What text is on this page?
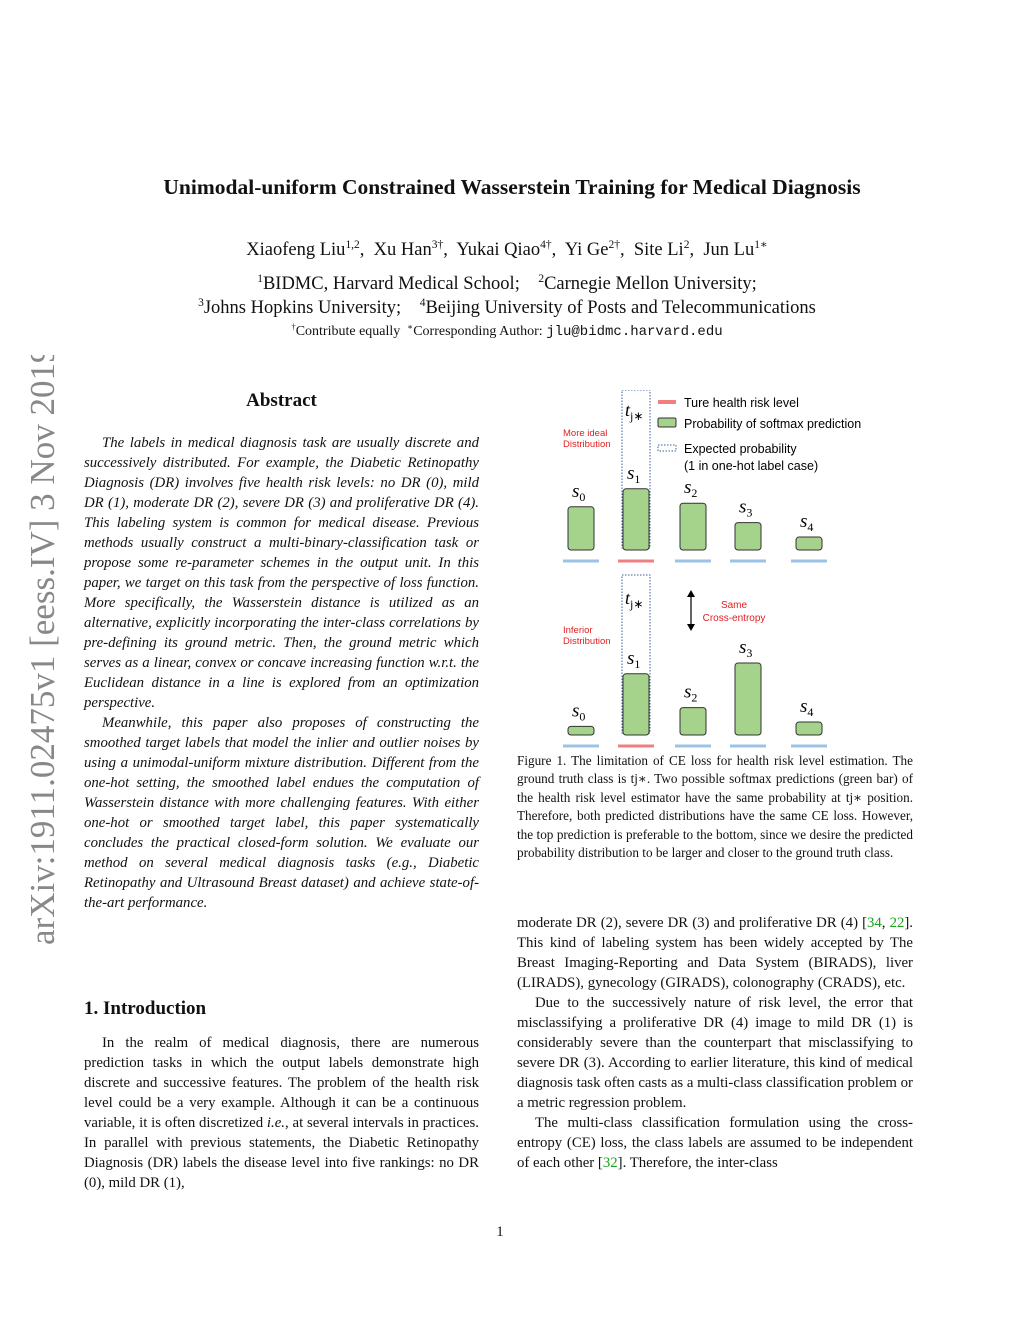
arXiv:1911.02475v1 [eess.IV] 3 Nov 2019
Unimodal-uniform Constrained Wasserstein Training for Medical Diagnosis
Xiaofeng Liu$^{1,2}$,  Xu Han$^{3\dagger}$,  Yukai Qiao$^{4\dagger}$,  Yi $Ge^{2\dagger}$,  Site Li$^2$,  Jun $Lu^{1∗}$
$^1$BIDMC, Harvard Medical School; $^2$Carnegie Mellon University;
$^3$Johns Hopkins University; $^4$Beijing University of Posts and Telecommunications
†Contribute equally ∗Corresponding Author: jlu@bidmc.harvard.edu
Abstract

The labels in medical diagnosis task are usually discrete and successively distributed. For example, the Diabetic Retinopathy Diagnosis (DR) involves five health risk levels: no DR (0), mild DR (1), moderate DR (2), severe DR (3) and proliferative DR (4). This labeling system is common for medical disease. Previous methods usually construct a multi-binary-classification task or propose some re-parameter schemes in the output unit. In this paper, we target on this task from the perspective of loss function. More specifically, the Wasserstein distance is utilized as an alternative, explicitly incorporating the inter-class correlations by pre-defining its ground metric. Then, the ground metric which serves as a linear, convex or concave increasing function w.r.t. the Euclidean distance in a line is explored from an optimization perspective.

Meanwhile, this paper also proposes of constructing the smoothed target labels that model the inlier and outlier noises by using a unimodal-uniform mixture distribution. Different from the one-hot setting, the smoothed label endues the computation of Wasserstein distance with more challenging features. With either one-hot or smoothed target label, this paper systematically concludes the practical closed-form solution. We evaluate our method on several medical diagnosis tasks (e.g., Diabetic Retinopathy and Ultrasound Breast dataset) and achieve state-of-the-art performance.

1. Introduction

In the realm of medical diagnosis, there are numerous prediction tasks in which the output labels demonstrate high discrete and successive features. The problem of the health risk level could be a very example. Although it can be a continuous variable, it is often discretized i.e., at several intervals in practices. In parallel with previous statements, the Diabetic Retinopathy Diagnosis (DR) labels the disease level into five rankings: no DR (0), mild DR (1),

Ture health risk level
Probability of softmax prediction
Expected probability
(1 in one-hot label case)
More ideal
Distribution
Inferior
Distribution
Same
Cross-entropy
$t_{j∗}$
$t_{j∗}$
$s_0$
$s_1$ $s_2$
$s_3$	$s_4$
$s_0$
$s_1$
$s_2$
$s_3$
$s_4$
Figure 1. The limitation of CE loss for health risk level estimation. The ground truth class is tj∗. Two possible softmax predictions (green bar) of the health risk level estimator have the same probability at tj∗ position. Therefore, both predicted distributions have the same CE loss. However, the top prediction is preferable to the bottom, since we desire the predicted probability distribution to be larger and closer to the ground truth class.

moderate DR (2), severe DR (3) and proliferative DR (4) [34, 22]. This kind of labeling system has been widely accepted by The Breast Imaging-Reporting and Data System (BIRADS), liver (LIRADS), gynecology (GIRADS), colonography (CRADS), etc.

Due to the successively nature of risk level, the error that misclassifying a proliferative DR (4) image to mild DR (1) is considerably severe than the counterpart that misclassifying to severe DR (3). According to earlier literature, this kind of medical diagnosis task often casts as a multi-class classification problem or a metric regression problem.

The multi-class classification formulation using the cross-entropy (CE) loss, the class labels are assumed to be independent of each other [32]. Therefore, the inter-class

1
